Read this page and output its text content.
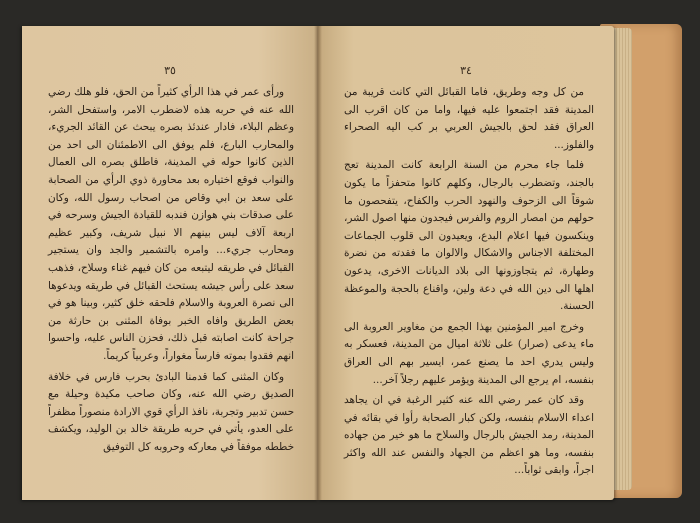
٣٥

ورأى عمر في هذا الرأي كثيراً من الحق، فلو هلك رضي الله عنه في حربه هذه لاضطرب الامر، واستفحل الشر، وعظم البلاء، فادار عندئذ بصره يبحث عن القائد الجريء، والمحارب البارع، فلم يوفق الى الاطمئنان الى احد من الذين كانوا حوله في المدينة، فاطلق بصره الى العمال والنواب فوقع اختياره بعد محاورة ذوي الرأي من الصحابة على سعد بن ابي وقاص من اصحاب رسول الله، وكان على صدقات بني هوازن فندبه للقيادة الجيش وسرحه في اربعة آلاف ليس بينهم الا نبيل شريف، وكبير عظيم ومحارب جريء... وامره بالتشمير والجد وان يستجير القبائل في طريقه ليتبعه من كان فيهم غناء وسلاح، فذهب سعد على رأس جيشه يستحث القبائل في طريقه ويدعوها الى نصرة العروبة والاسلام فلحقه خلق كثير، وبينا هو في بعض الطريق وافاه الخبر بوفاة المثنى بن حارثة من جراحة كانت اصابته قبل ذلك، فحزن الناس عليه، واحسوا انهم فقدوا بموته فارساً مغواراً، وعربياً كريماً.

وكان المثنى كما قدمنا البادئ بحرب فارس في خلافة الصديق رضي الله عنه، وكان صاحب مكيدة وحيلة مع حسن تدبير وتجربة، نافذ الرأي قوي الارادة منصوراً مظفراً على العدو، يأتي في حربه طريقة خالد بن الوليد، ويكشف خططه موفقاً في معاركه وحروبه كل التوفيق

٣٤

من كل وجه وطريق، فاما القبائل التي كانت قريبة من المدينة فقد اجتمعوا عليه فيها، واما من كان اقرب الى العراق فقد لحق بالجيش العربي بر كب اليه الصحراء والفلوز...

فلما جاء محرم من السنة الرابعة كانت المدينة تعج بالجند، وتضطرب بالرجال، وكلهم كانوا متحفزاً ما يكون شوقاً الى الزحوف والنهود الحرب والكفاح، يتفحصون ما حولهم من امصار الروم والفرس فيجدون منها اصول الشر، وينكسون فيها اعلام البدع، ويعيدون الى قلوب الجماعات المختلفة الاجناس والاشكال والالوان ما فقدته من نضرة وطهارة، ثم يتجاوزونها الى بلاد الديانات الاخرى، يدعون اهلها الى دين الله في دعة ولين، واقناع بالحجة والموعظة الحسنة.

وخرج امير المؤمنين بهذا الجمع من مغاوير العروبة الى ماء يدعى (صرار) على ثلاثة اميال من المدينة، فعسكر به وليس يدري احد ما يصنع عمر، ايسير بهم الى العراق بنفسه، ام يرجع الى المدينة ويؤمر عليهم رجلاً آخر...

وقد كان عمر رضي الله عنه كثير الرغبة في ان يجاهد اعداء الاسلام بنفسه، ولكن كبار الصحابة رأوا في بقائه في المدينة، رمد الجيش بالرجال والسلاح ما هو خير من جهاده بنفسه، وما هو اعظم من الجهاد والنفس عند الله واكثر اجراً، وابقى ثواباً...
